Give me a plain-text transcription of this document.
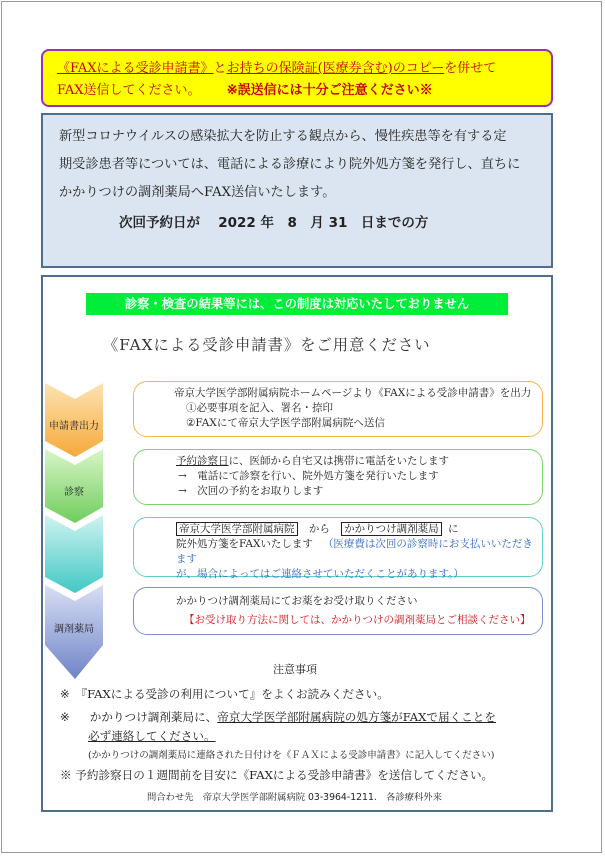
《FAXによる受診申請書》とお持ちの保険証(医療券含む)のコピーを併せて
FAX送信してください。 ※誤送信には十分ご注意ください※
新型コロナウイルスの感染拡大を防止する観点から、慢性疾患等を有する定
期受診患者等については、電話による診療により院外処方箋を発行し、直ちに
かかりつけの調剤薬局へFAX送信いたします。
次回予約日が　 2022 年　8　月 31　日までの方
診察・検査の結果等には、この制度は対応いたしておりません
《FAXによる受診申請書》をご用意ください
申請書出力
診察
調剤薬局
帝京大学医学部附属病院ホームページより《FAXによる受診申請書》を出力
①必要事項を記入、署名・捺印
②FAXにて帝京大学医学部附属病院へ送信
予約診察日に、医師から自宅又は携帯に電話をいたします
→　電話にて診察を行い、院外処方箋を発行いたします
→　次回の予約をお取りします
帝京大学医学部附属病院 から かかりつけ調剤薬局 に
院外処方箋をFAXいたします （医療費は次回の診察時にお支払いいただきます
が、場合によってはご連絡させていただくことがあります。）
かかりつけ調剤薬局にてお薬をお受け取りください
【お受け取り方法に関しては、かかりつけの調剤薬局とご相談ください】
注意事項
※　『FAXによる受診の利用について』をよくお読みください。
※ かかりつけ調剤薬局に、帝京大学医学部附属病院の処方箋がFAXで届くことを
必ず連絡してください。
(かかりつけの調剤薬局に連絡された日付けを《ＦＡＸによる受診申請書》に記入してください)
※ 予約診察日の１週間前を目安に《FAXによる受診申請書》を送信してください。
問合わせ先　帝京大学医学部附属病院 03-3964-1211.　各診療科外来
